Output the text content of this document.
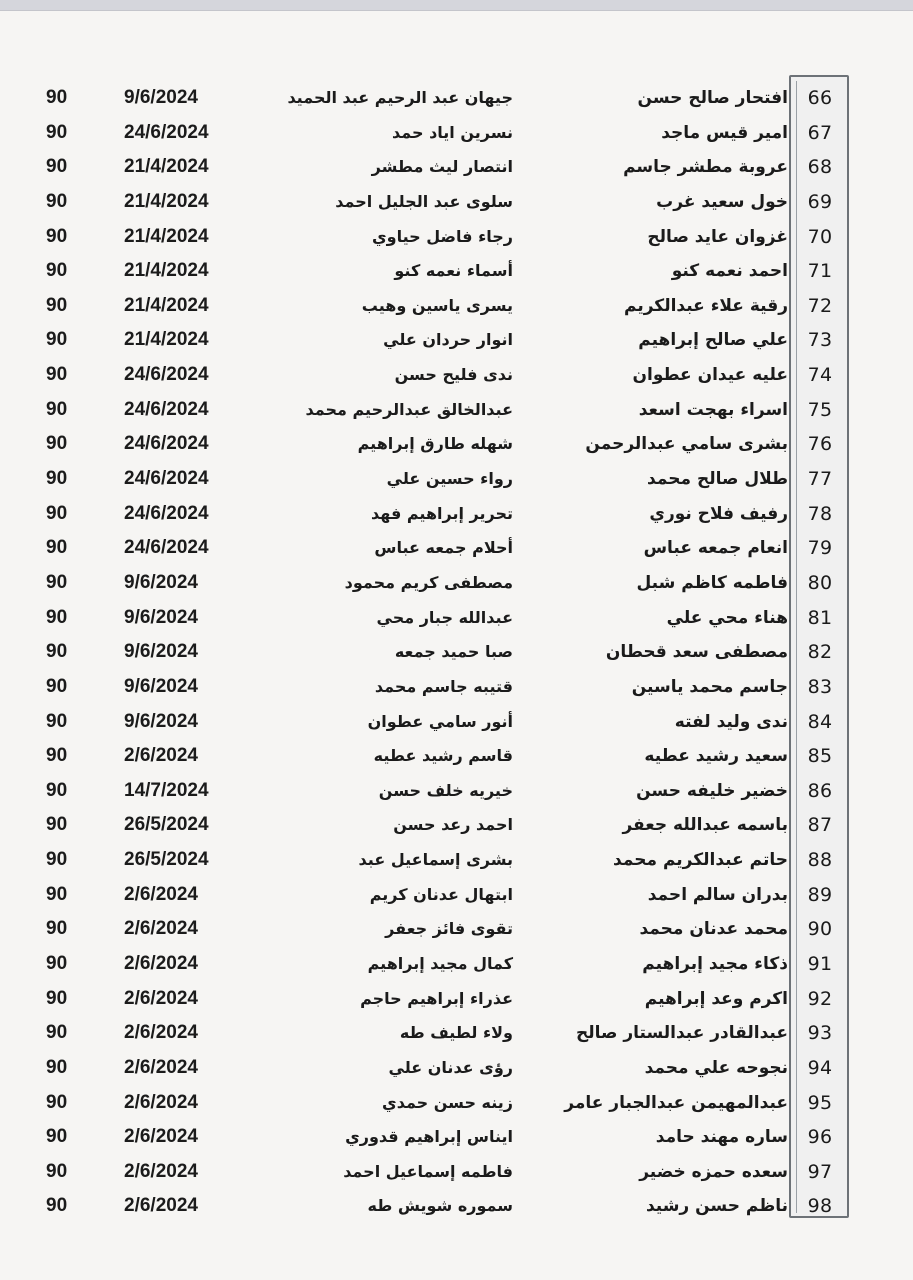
66
افتحار صالح حسن
جيهان عبد الرحيم عبد الحميد
9/6/2024
90
67
امير قيس ماجد
نسرين اياد حمد
24/6/2024
90
68
عروبة مطشر جاسم
انتصار ليث مطشر
21/4/2024
90
69
خول سعيد غرب
سلوى عبد الجليل احمد
21/4/2024
90
70
غزوان عايد صالح
رجاء فاضل حياوي
21/4/2024
90
71
احمد نعمه كنو
أسماء نعمه كنو
21/4/2024
90
72
رقية علاء عبدالكريم
يسرى ياسين وهيب
21/4/2024
90
73
علي صالح إبراهيم
انوار حردان علي
21/4/2024
90
74
عليه عيدان عطوان
ندى فليح حسن
24/6/2024
90
75
اسراء بهجت اسعد
عبدالخالق عبدالرحيم محمد
24/6/2024
90
76
بشرى سامي عبدالرحمن
شهله طارق إبراهيم
24/6/2024
90
77
طلال صالح محمد
رواء حسين علي
24/6/2024
90
78
رفيف فلاح نوري
تحرير إبراهيم فهد
24/6/2024
90
79
انعام جمعه عباس
أحلام جمعه عباس
24/6/2024
90
80
فاطمه كاظم شبل
مصطفى كريم محمود
9/6/2024
90
81
هناء محي علي
عبدالله جبار محي
9/6/2024
90
82
مصطفى سعد قحطان
صبا حميد جمعه
9/6/2024
90
83
جاسم محمد ياسين
قتيبه جاسم محمد
9/6/2024
90
84
ندى وليد لفته
أنور سامي عطوان
9/6/2024
90
85
سعيد رشيد عطيه
قاسم رشيد عطيه
2/6/2024
90
86
خضير خليفه حسن
خيريه خلف حسن
14/7/2024
90
87
باسمه عبدالله جعفر
احمد رعد حسن
26/5/2024
90
88
حاتم عبدالكريم محمد
بشرى إسماعيل عبد
26/5/2024
90
89
بدران سالم احمد
ابتهال عدنان كريم
2/6/2024
90
90
محمد عدنان محمد
تقوى فائز جعفر
2/6/2024
90
91
ذكاء مجيد إبراهيم
كمال مجيد إبراهيم
2/6/2024
90
92
اكرم وعد إبراهيم
عذراء إبراهيم حاجم
2/6/2024
90
93
عبدالقادر عبدالستار صالح
ولاء لطيف طه
2/6/2024
90
94
نجوحه علي محمد
رؤى عدنان علي
2/6/2024
90
95
عبدالمهيمن عبدالجبار عامر
زينه حسن حمدي
2/6/2024
90
96
ساره مهند حامد
ايناس إبراهيم قدوري
2/6/2024
90
97
سعده حمزه خضير
فاطمه إسماعيل احمد
2/6/2024
90
98
ناظم حسن رشيد
سموره شويش طه
2/6/2024
90
